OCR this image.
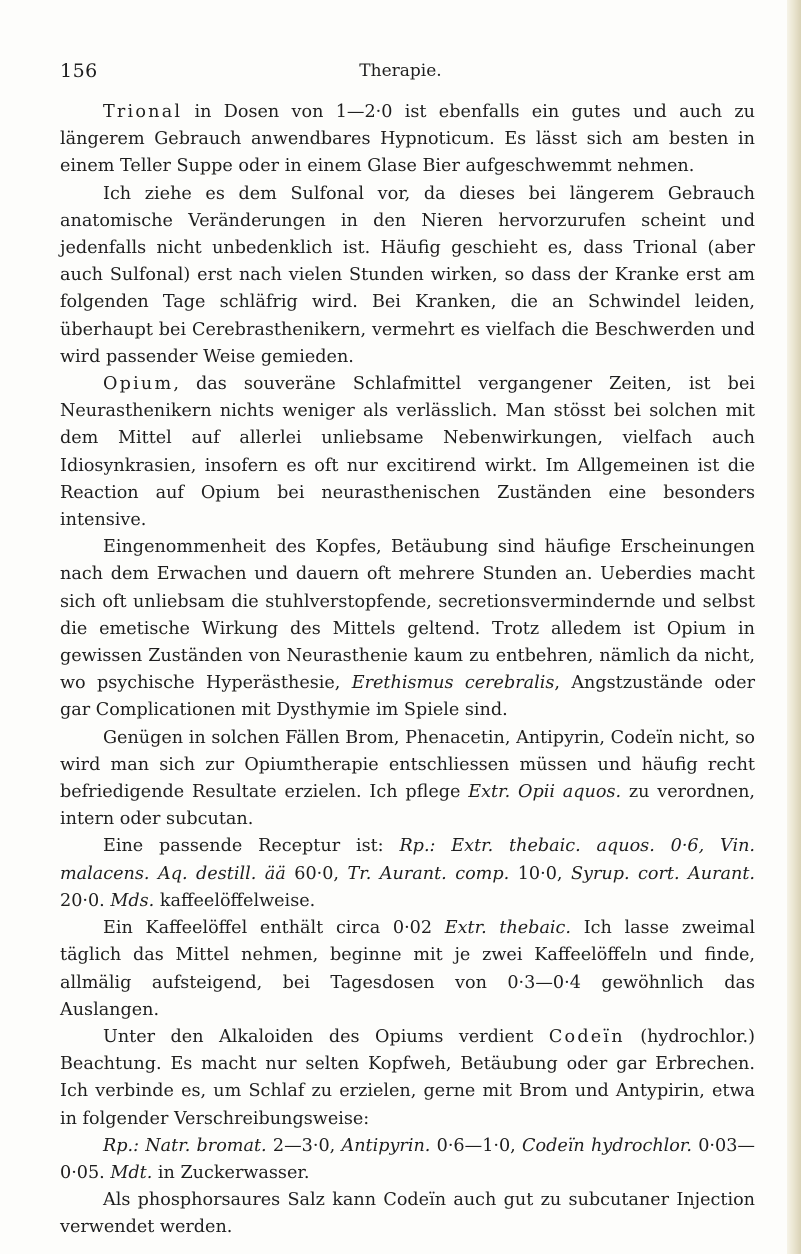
156	Therapie.

Trional in Dosen von 1—2·0 ist ebenfalls ein gutes und auch zu längerem Gebrauch anwendbares Hypnoticum. Es lässt sich am besten in einem Teller Suppe oder in einem Glase Bier aufgeschwemmt nehmen.

Ich ziehe es dem Sulfonal vor, da dieses bei längerem Gebrauch anatomische Veränderungen in den Nieren hervorzurufen scheint und jedenfalls nicht unbedenklich ist. Häufig geschieht es, dass Trional (aber auch Sulfonal) erst nach vielen Stunden wirken, so dass der Kranke erst am folgenden Tage schläfrig wird. Bei Kranken, die an Schwindel leiden, überhaupt bei Cerebrasthenikern, vermehrt es vielfach die Beschwerden und wird passender Weise gemieden.

Opium, das souveräne Schlafmittel vergangener Zeiten, ist bei Neurasthenikern nichts weniger als verlässlich. Man stösst bei solchen mit dem Mittel auf allerlei unliebsame Nebenwirkungen, vielfach auch Idiosynkrasien, insofern es oft nur excitirend wirkt. Im Allgemeinen ist die Reaction auf Opium bei neurasthenischen Zuständen eine besonders intensive.

Eingenommenheit des Kopfes, Betäubung sind häufige Erscheinungen nach dem Erwachen und dauern oft mehrere Stunden an. Ueberdies macht sich oft unliebsam die stuhlverstopfende, secretionsvermindernde und selbst die emetische Wirkung des Mittels geltend. Trotz alledem ist Opium in gewissen Zuständen von Neurasthenie kaum zu entbehren, nämlich da nicht, wo psychische Hyperästhesie, Erethismus cerebralis, Angstzustände oder gar Complicationen mit Dysthymie im Spiele sind.

Genügen in solchen Fällen Brom, Phenacetin, Antipyrin, Codeïn nicht, so wird man sich zur Opiumtherapie entschliessen müssen und häufig recht befriedigende Resultate erzielen. Ich pflege Extr. Opii aquos. zu verordnen, intern oder subcutan.

Eine passende Receptur ist: Rp.: Extr. thebaic. aquos. 0·6, Vin. malacens. Aq. destill. ää 60·0, Tr. Aurant. comp. 10·0, Syrup. cort. Aurant. 20·0. Mds. kaffeelöffelweise.

Ein Kaffeelöffel enthält circa 0·02 Extr. thebaic. Ich lasse zweimal täglich das Mittel nehmen, beginne mit je zwei Kaffeelöffeln und finde, allmälig aufsteigend, bei Tagesdosen von 0·3—0·4 gewöhnlich das Auslangen.

Unter den Alkaloiden des Opiums verdient Codeïn (hydrochlor.) Beachtung. Es macht nur selten Kopfweh, Betäubung oder gar Erbrechen. Ich verbinde es, um Schlaf zu erzielen, gerne mit Brom und Antypirin, etwa in folgender Verschreibungsweise:

Rp.: Natr. bromat. 2—3·0, Antipyrin. 0·6—1·0, Codeïn hydrochlor. 0·03—0·05. Mdt. in Zuckerwasser.

Als phosphorsaures Salz kann Codeïn auch gut zu subcutaner Injection verwendet werden.
